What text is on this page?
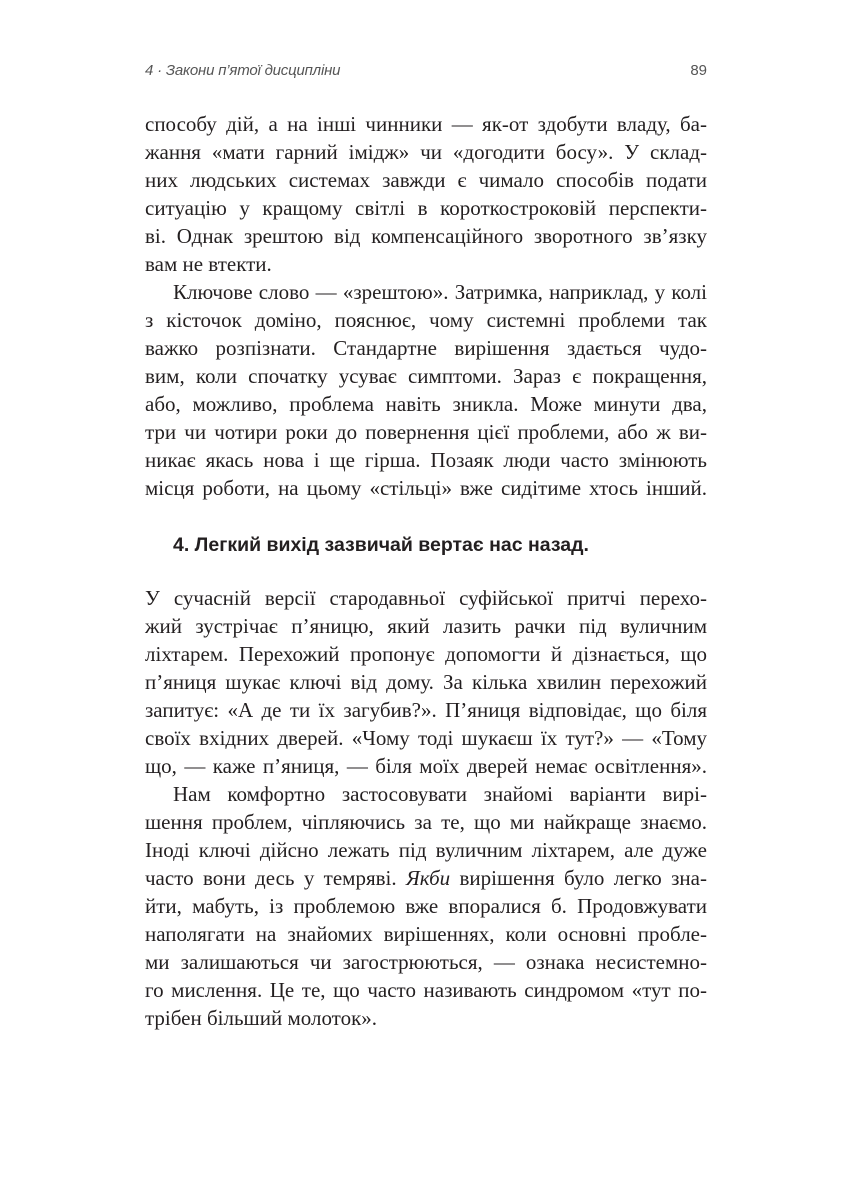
4 · Закони п’ятої дисципліни	89
способу дій, а на інші чинники — як-от здобути владу, ба-
жання «мати гарний імідж» чи «догодити босу». У склад-
них людських системах завжди є чимало способів подати
ситуацію у кращому світлі в короткостроковій перспекти-
ві. Однак зрештою від компенсаційного зворотного зв’язку
вам не втекти.
Ключове слово — «зрештою». Затримка, наприклад, у колі
з кісточок доміно, пояснює, чому системні проблеми так
важко розпізнати. Стандартне вирішення здається чудо-
вим, коли спочатку усуває симптоми. Зараз є покращення,
або, можливо, проблема навіть зникла. Може минути два,
три чи чотири роки до повернення цієї проблеми, або ж ви-
никає якась нова і ще гірша. Позаяк люди часто змінюють
місця роботи, на цьому «стільці» вже сидітиме хтось інший.
4. Легкий вихід зазвичай вертає нас назад.
У сучасній версії стародавньої суфійської притчі перехо-
жий зустрічає п’яницю, який лазить рачки під вуличним
ліхтарем. Перехожий пропонує допомогти й дізнається, що
п’яниця шукає ключі від дому. За кілька хвилин перехожий
запитує: «А де ти їх загубив?». П’яниця відповідає, що біля
своїх вхідних дверей. «Чому тоді шукаєш їх тут?» — «Тому
що, — каже п’яниця, — біля моїх дверей немає освітлення».
Нам комфортно застосовувати знайомі варіанти вирі-
шення проблем, чіпляючись за те, що ми найкраще знаємо.
Іноді ключі дійсно лежать під вуличним ліхтарем, але дуже
часто вони десь у темряві. Якби вирішення було легко зна-
йти, мабуть, із проблемою вже впоралися б. Продовжувати
наполягати на знайомих вирішеннях, коли основні пробле-
ми залишаються чи загострюються, — ознака несистемно-
го мислення. Це те, що часто називають синдромом «тут по-
трібен більший молоток».
